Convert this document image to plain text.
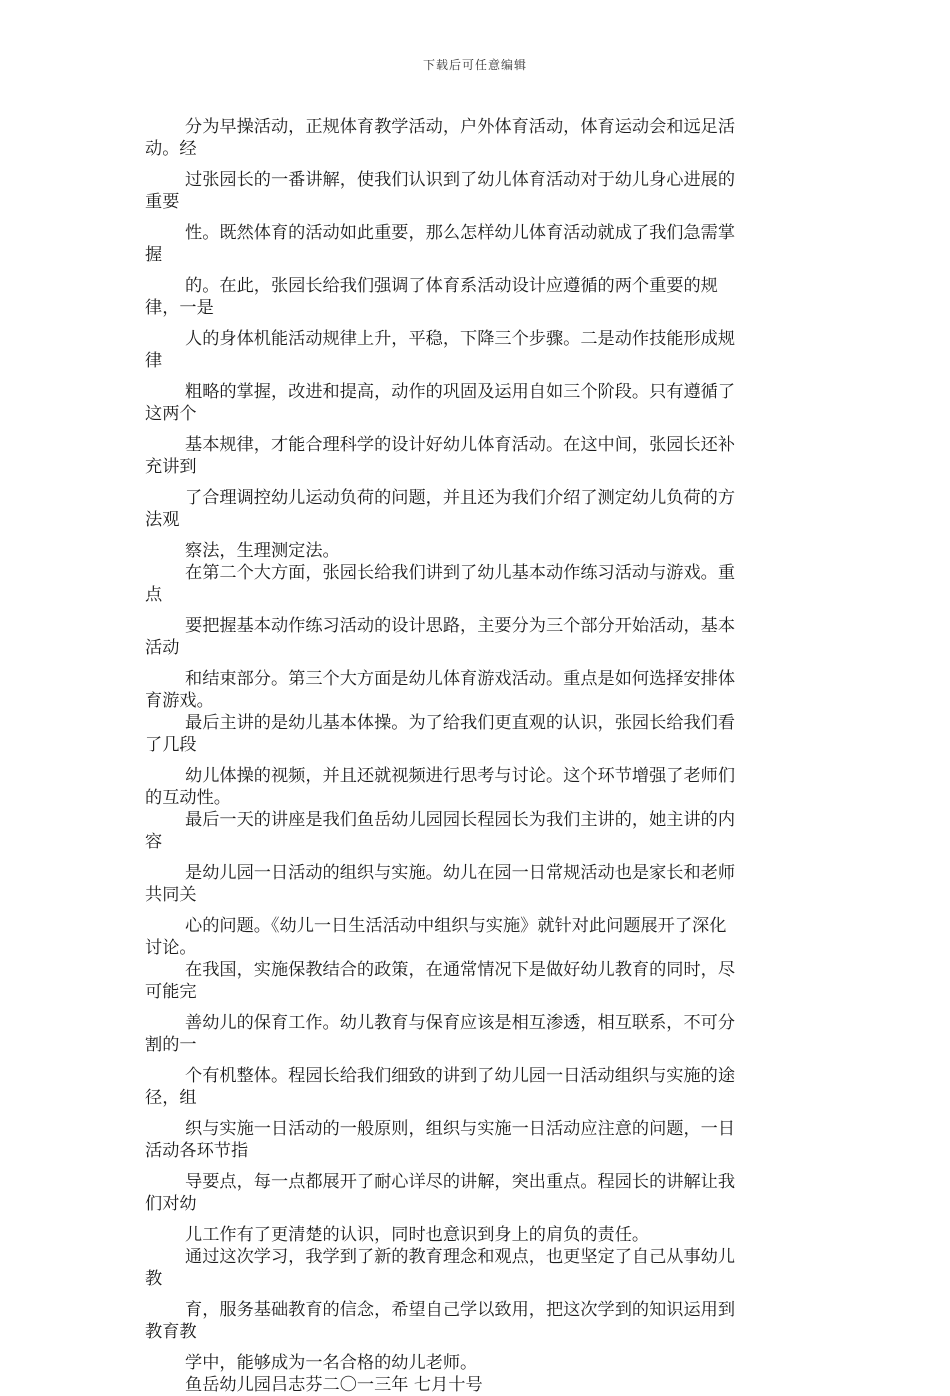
下载后可任意编辑
分为早操活动，正规体育教学活动，户外体育活动，体育运动会和远足活
动。经
过张园长的一番讲解，使我们认识到了幼儿体育活动对于幼儿身心进展的
重要
性。既然体育的活动如此重要，那么怎样幼儿体育活动就成了我们急需掌
握
的。在此，张园长给我们强调了体育系活动设计应遵循的两个重要的规
律，一是
人的身体机能活动规律上升，平稳，下降三个步骤。二是动作技能形成规
律
粗略的掌握，改进和提高，动作的巩固及运用自如三个阶段。只有遵循了
这两个
基本规律，才能合理科学的设计好幼儿体育活动。在这中间，张园长还补
充讲到
了合理调控幼儿运动负荷的问题，并且还为我们介绍了测定幼儿负荷的方
法观
察法，生理测定法。
在第二个大方面，张园长给我们讲到了幼儿基本动作练习活动与游戏。重
点
要把握基本动作练习活动的设计思路，主要分为三个部分开始活动，基本
活动
和结束部分。第三个大方面是幼儿体育游戏活动。重点是如何选择安排体
育游戏。
最后主讲的是幼儿基本体操。为了给我们更直观的认识，张园长给我们看
了几段
幼儿体操的视频，并且还就视频进行思考与讨论。这个环节增强了老师们
的互动性。
最后一天的讲座是我们鱼岳幼儿园园长程园长为我们主讲的，她主讲的内
容
是幼儿园一日活动的组织与实施。幼儿在园一日常规活动也是家长和老师
共同关
心的问题。《幼儿一日生活活动中组织与实施》就针对此问题展开了深化
讨论。
在我国，实施保教结合的政策，在通常情况下是做好幼儿教育的同时，尽
可能完
善幼儿的保育工作。幼儿教育与保育应该是相互渗透，相互联系，不可分
割的一
个有机整体。程园长给我们细致的讲到了幼儿园一日活动组织与实施的途
径，组
织与实施一日活动的一般原则，组织与实施一日活动应注意的问题，一日
活动各环节指
导要点，每一点都展开了耐心详尽的讲解，突出重点。程园长的讲解让我
们对幼
儿工作有了更清楚的认识，同时也意识到身上的肩负的责任。
通过这次学习，我学到了新的教育理念和观点，也更坚定了自己从事幼儿
教
育，服务基础教育的信念，希望自己学以致用，把这次学到的知识运用到
教育教
学中，能够成为一名合格的幼儿老师。
鱼岳幼儿园吕志芬二〇一三年 七月十号
